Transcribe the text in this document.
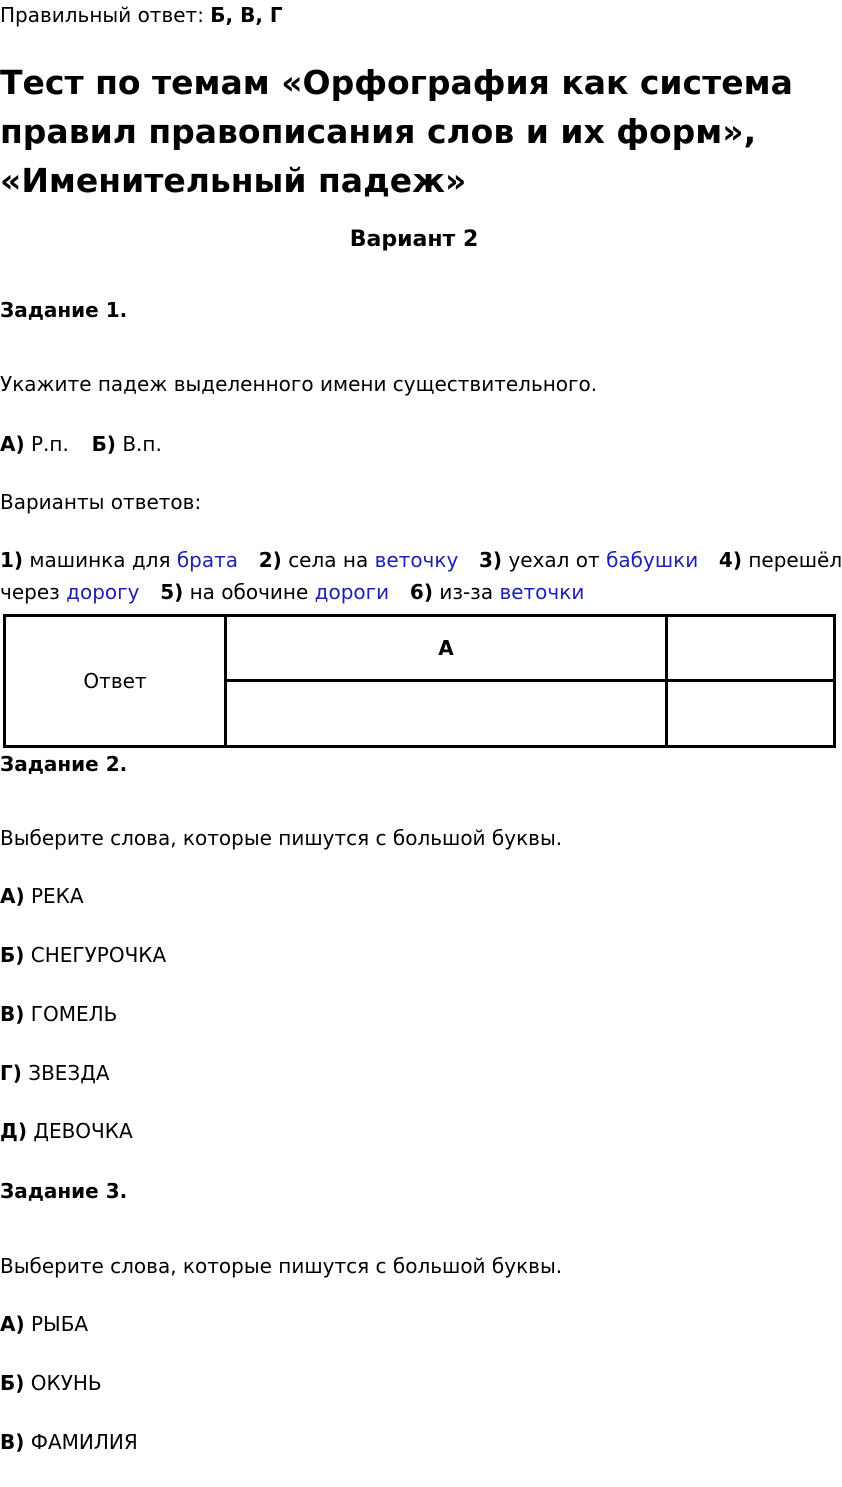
Правильный ответ: Б, В, Г
Тест по темам «Орфография как система правил правописания слов и их форм», «Именительный падеж»
Вариант 2
Задание 1.
Укажите падеж выделенного имени существительного.
А) Р.п. Б) В.п.
Варианты ответов:
1) машинка для брата 2) села на веточку 3) уехал от бабушки 4) перешёл
через дорогу 5) на обочине дороги 6) из-за веточки
Ответ	А	

Задание 2.
Выберите слова, которые пишутся с большой буквы.
А) РЕКА
Б) СНЕГУРОЧКА
В) ГОМЕЛЬ
Г) ЗВЕЗДА
Д) ДЕВОЧКА
Задание 3.
Выберите слова, которые пишутся с большой буквы.
А) РЫБА
Б) ОКУНЬ
В) ФАМИЛИЯ
